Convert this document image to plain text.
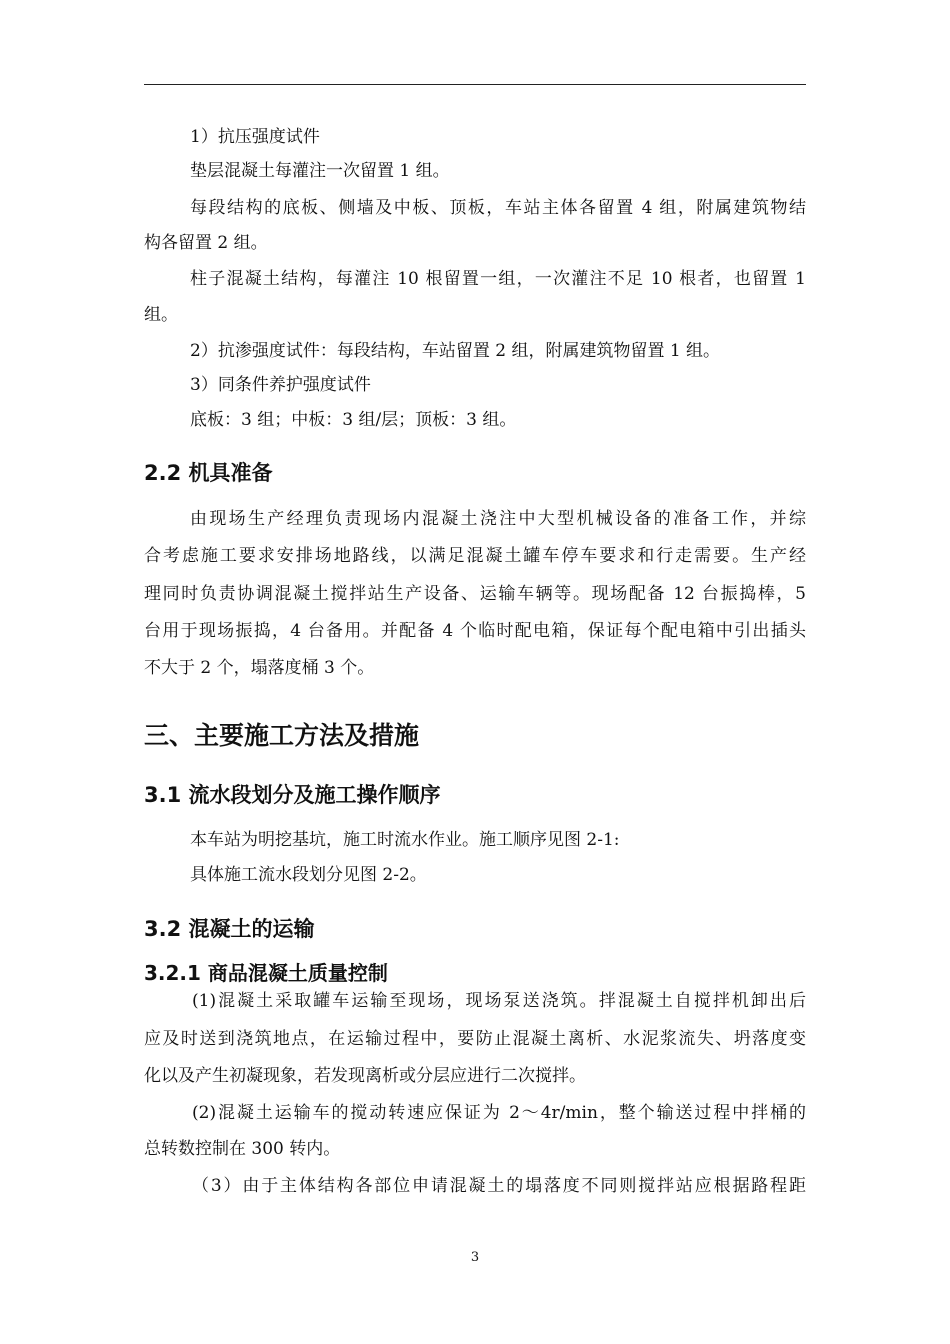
1）抗压强度试件
垫层混凝土每灌注一次留置 1 组。
每段结构的底板、侧墙及中板、顶板，车站主体各留置 4 组，附属建筑物结
构各留置 2 组。
柱子混凝土结构，每灌注 10 根留置一组，一次灌注不足 10 根者，也留置 1
组。
2）抗渗强度试件：每段结构，车站留置 2 组，附属建筑物留置 1 组。
3）同条件养护强度试件
底板：3 组；中板：3 组/层；顶板：3 组。
2.2 机具准备
由现场生产经理负责现场内混凝土浇注中大型机械设备的准备工作，并综
合考虑施工要求安排场地路线，以满足混凝土罐车停车要求和行走需要。生产经
理同时负责协调混凝土搅拌站生产设备、运输车辆等。现场配备 12 台振捣棒，5
台用于现场振捣，4 台备用。并配备 4 个临时配电箱，保证每个配电箱中引出插头
不大于 2 个，塌落度桶 3 个。
三、主要施工方法及措施
3.1 流水段划分及施工操作顺序
本车站为明挖基坑，施工时流水作业。施工顺序见图 2-1:
具体施工流水段划分见图 2-2。
3.2 混凝土的运输
3.2.1 商品混凝土质量控制
(1)混凝土采取罐车运输至现场，现场泵送浇筑。拌混凝土自搅拌机卸出后
应及时送到浇筑地点，在运输过程中，要防止混凝土离析、水泥浆流失、坍落度变
化以及产生初凝现象，若发现离析或分层应进行二次搅拌。
(2)混凝土运输车的搅动转速应保证为 2～4r/min，整个输送过程中拌桶的
总转数控制在 300 转内。
（3）由于主体结构各部位申请混凝土的塌落度不同则搅拌站应根据路程距
3
